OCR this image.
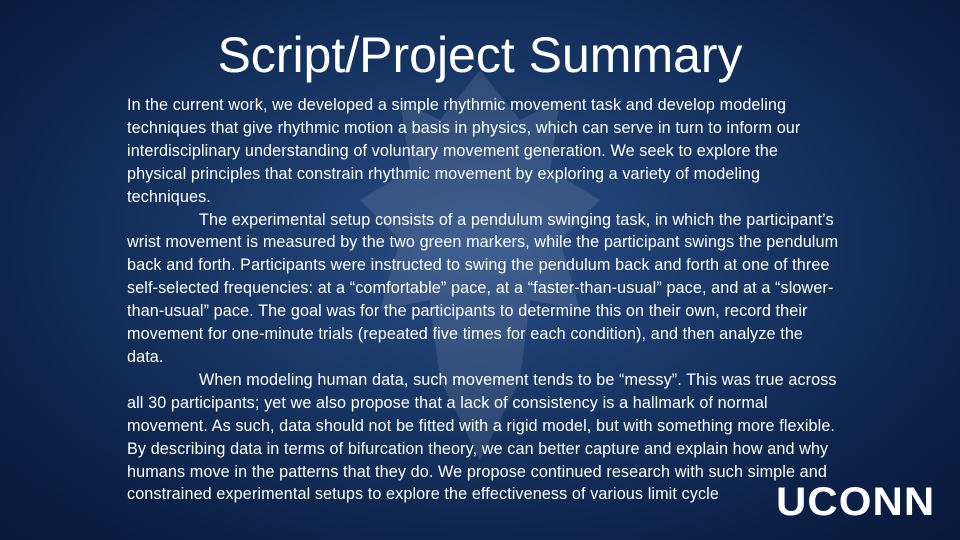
Script/Project Summary

In the current work, we developed a simple rhythmic movement task and develop modeling techniques that give rhythmic motion a basis in physics, which can serve in turn to inform our interdisciplinary understanding of voluntary movement generation. We seek to explore the physical principles that constrain rhythmic movement by exploring a variety of modeling techniques.

The experimental setup consists of a pendulum swinging task, in which the participant’s wrist movement is measured by the two green markers, while the participant swings the pendulum back and forth. Participants were instructed to swing the pendulum back and forth at one of three self-selected frequencies: at a “comfortable” pace, at a “faster-than-usual” pace, and at a “slower-than-usual” pace. The goal was for the participants to determine this on their own, record their movement for one-minute trials (repeated five times for each condition), and then analyze the data.

When modeling human data, such movement tends to be “messy”. This was true across all 30 participants; yet we also propose that a lack of consistency is a hallmark of normal movement. As such, data should not be fitted with a rigid model, but with something more flexible. By describing data in terms of bifurcation theory, we can better capture and explain how and why humans move in the patterns that they do. We propose continued research with such simple and constrained experimental setups to explore the effectiveness of various limit cycle	UCONN
